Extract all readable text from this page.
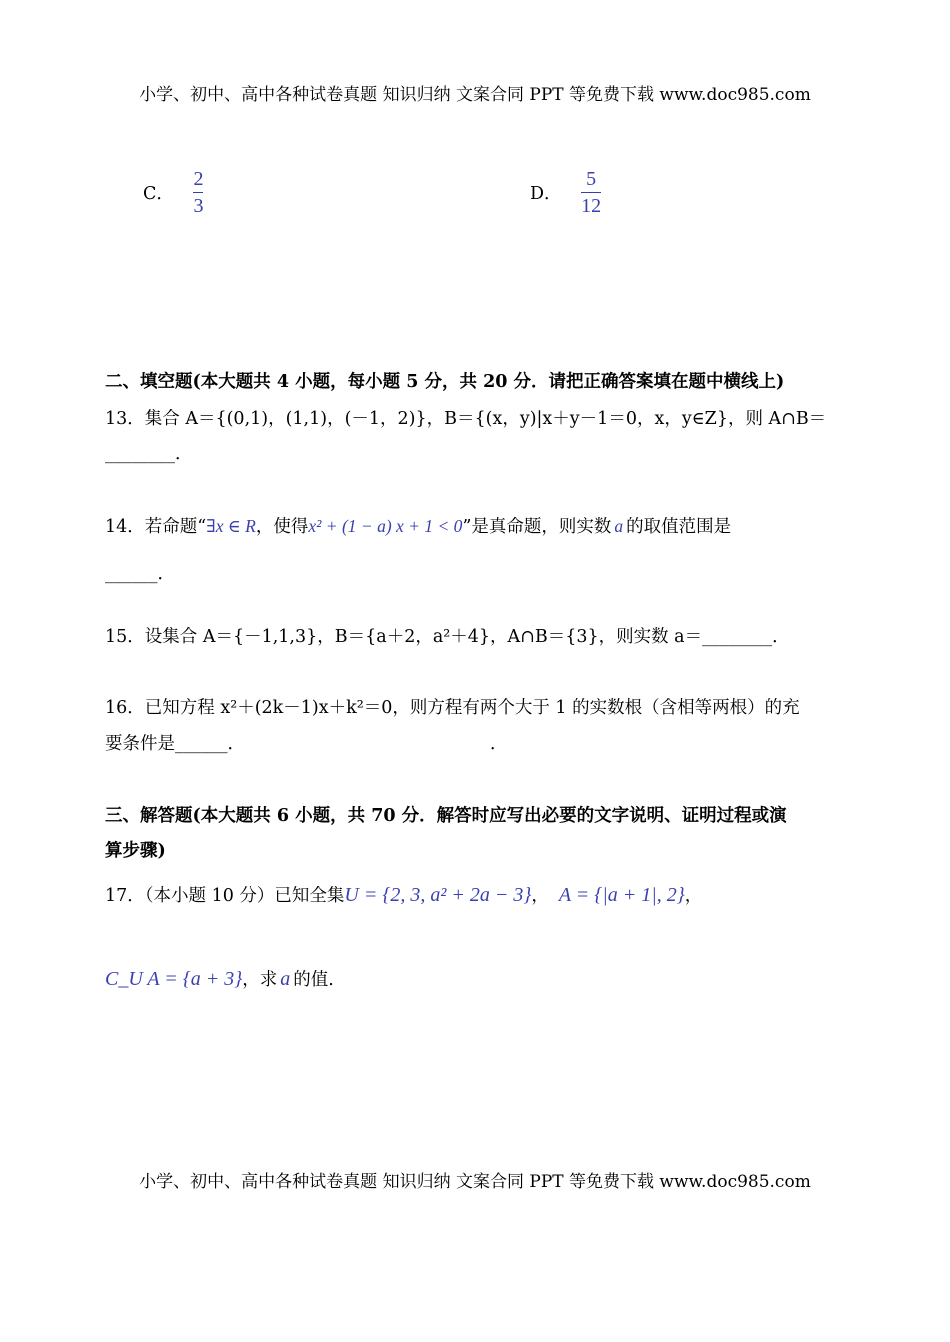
小学、初中、高中各种试卷真题 知识归纳 文案合同 PPT 等免费下载 www.doc985.com
C． $\frac{2}{3}$	D． $\frac{5}{12}$
二、填空题(本大题共 4 小题，每小题 5 分，共 20 分．请把正确答案填在题中横线上)
13．集合 A＝{(0,1)，(1,1)，(－1，2)}，B＝{(x，y)|x＋y－1＝0，x，y∈Z}，则 A∩B＝
________．
14．若命题“∃x ∈ R，使得x² + (1 − a) x + 1 < 0”是真命题，则实数 a 的取值范围是
______．
15．设集合 A＝{－1,1,3}，B＝{a＋2，a²＋4}，A∩B＝{3}，则实数 a＝________．
16．已知方程 x²＋(2k－1)x＋k²＝0，则方程有两个大于 1 的实数根（含相等两根）的充
要条件是______．	．
三、解答题(本大题共 6 小题，共 70 分．解答时应写出必要的文字说明、证明过程或演
算步骤)
17．（本小题 10 分）已知全集U = {2, 3, a² + 2a − 3}， A = {|a + 1|, 2}，
C_U A = {a + 3}，求 a 的值.
小学、初中、高中各种试卷真题 知识归纳 文案合同 PPT 等免费下载 www.doc985.com
